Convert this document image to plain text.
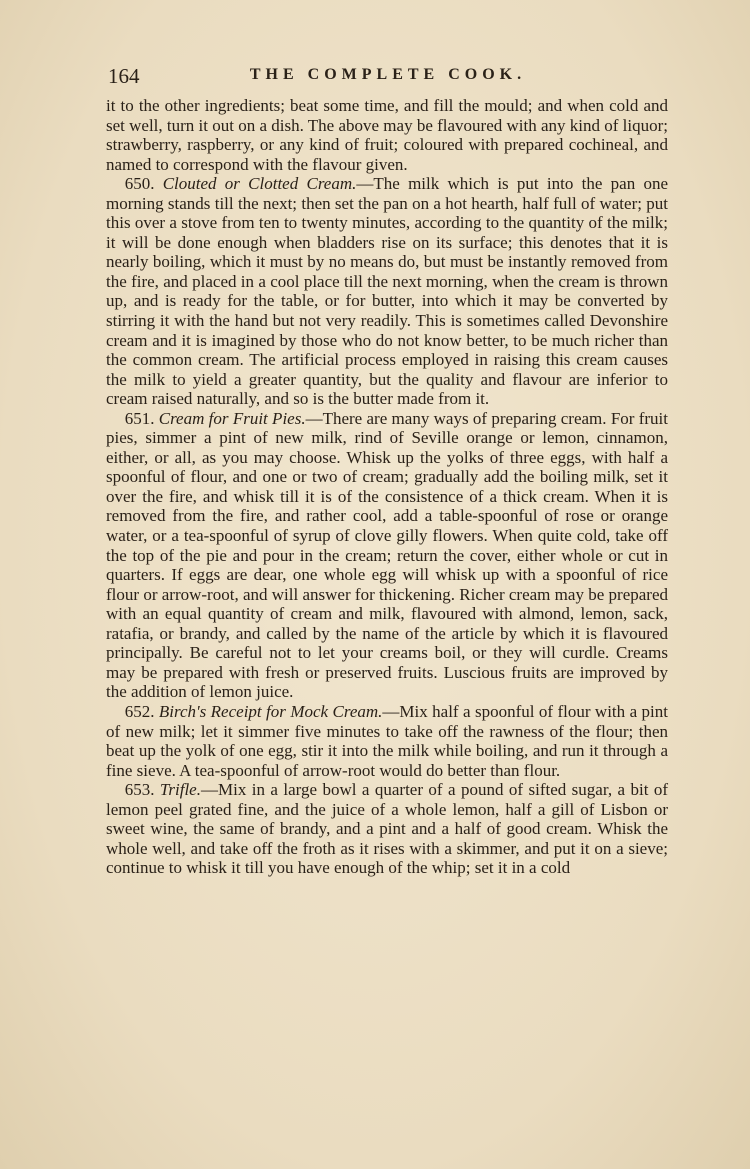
164	THE COMPLETE COOK.

it to the other ingredients; beat some time, and fill the mould; and when cold and set well, turn it out on a dish. The above may be flavoured with any kind of liquor; strawberry, raspberry, or any kind of fruit; coloured with prepared cochineal, and named to correspond with the flavour given.

650. Clouted or Clotted Cream.—The milk which is put into the pan one morning stands till the next; then set the pan on a hot hearth, half full of water; put this over a stove from ten to twenty minutes, according to the quantity of the milk; it will be done enough when bladders rise on its surface; this denotes that it is nearly boiling, which it must by no means do, but must be instantly removed from the fire, and placed in a cool place till the next morning, when the cream is thrown up, and is ready for the table, or for butter, into which it may be converted by stirring it with the hand but not very readily. This is sometimes called Devonshire cream and it is imagined by those who do not know better, to be much richer than the common cream. The artificial process employed in raising this cream causes the milk to yield a greater quantity, but the quality and flavour are inferior to cream raised naturally, and so is the butter made from it.

651. Cream for Fruit Pies.—There are many ways of preparing cream. For fruit pies, simmer a pint of new milk, rind of Seville orange or lemon, cinnamon, either, or all, as you may choose. Whisk up the yolks of three eggs, with half a spoonful of flour, and one or two of cream; gradually add the boiling milk, set it over the fire, and whisk till it is of the consistence of a thick cream. When it is removed from the fire, and rather cool, add a table-spoonful of rose or orange water, or a tea-spoonful of syrup of clove gilly flowers. When quite cold, take off the top of the pie and pour in the cream; return the cover, either whole or cut in quarters. If eggs are dear, one whole egg will whisk up with a spoonful of rice flour or arrow-root, and will answer for thickening. Richer cream may be prepared with an equal quantity of cream and milk, flavoured with almond, lemon, sack, ratafia, or brandy, and called by the name of the article by which it is flavoured principally. Be careful not to let your creams boil, or they will curdle. Creams may be prepared with fresh or preserved fruits. Luscious fruits are improved by the addition of lemon juice.

652. Birch's Receipt for Mock Cream.—Mix half a spoonful of flour with a pint of new milk; let it simmer five minutes to take off the rawness of the flour; then beat up the yolk of one egg, stir it into the milk while boiling, and run it through a fine sieve. A tea-spoonful of arrow-root would do better than flour.

653. Trifle.—Mix in a large bowl a quarter of a pound of sifted sugar, a bit of lemon peel grated fine, and the juice of a whole lemon, half a gill of Lisbon or sweet wine, the same of brandy, and a pint and a half of good cream. Whisk the whole well, and take off the froth as it rises with a skimmer, and put it on a sieve; continue to whisk it till you have enough of the whip; set it in a cold
